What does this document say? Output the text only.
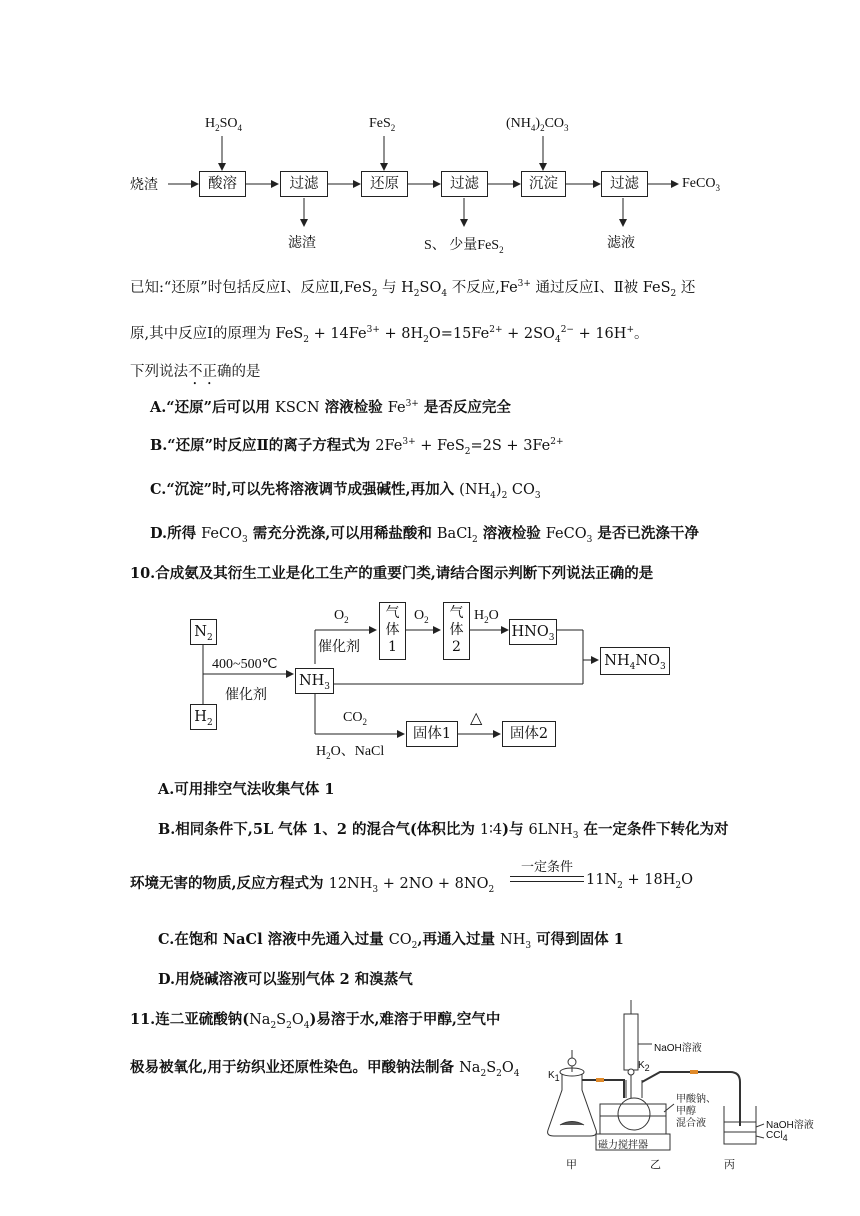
$H_2SO_4$	FeS$_2$	$(NH_4)_2CO_3$
烧渣	酸溶	过滤	还原	过滤	沉淀	过滤	FeCO$_3$
滤渣	S、 少量FeS$_2$	滤液
已知:“还原”时包括反应Ⅰ、反应Ⅱ,FeS$_2$ 与 $H_2SO_4$ 不反应$,Fe^{3+}$ 通过反应Ⅰ、Ⅱ被 FeS$_2$ 还
原,其中反应Ⅰ的原理为 $FeS_2 + 14Fe^{3+} + 8H_2O=15Fe^{2+} + 2SO_4^{2-} + 16H^+$。
下列说法不正确的是
A.“还原”后可以用 KSCN 溶液检验 $Fe^{3+}$ 是否反应完全
B.“还原”时反应Ⅱ的离子方程式为 $2Fe^{3+} + FeS_2=2S + 3Fe^{2+}$
C.“沉淀”时,可以先将溶液调节成强碱性,再加入 $(NH_4)_2$ $CO_3$
D.所得 FeCO$_3$ 需充分洗涤,可以用稀盐酸和 BaCl$_2$ 溶液检验 FeCO$_3$ 是否已洗涤干净
10.合成氨及其衍生工业是化工生产的重要门类,请结合图示判断下列说法正确的是
$N_2$
$H_2$
400~500℃
催化剂
$NH_3$
$O_2$
催化剂
气
体
1
$O_2$	气
体
2
$H_2O$
$HNO_3$
$NH_4NO_3$
$CO_2$
$H_2O$、NaCl
固体1
△
固体2
A.可用排空气法收集气体 1
B.相同条件下,5L 气体 1、2 的混合气(体积比为 1∶4)与 $6LNH_3$ 在一定条件下转化为对
环境无害的物质,反应方程式为 $12NH_3 + 2NO + 8NO_2$
一定条件
$11N_2 + 18H_2O$
C.在饱和 NaCl 溶液中先通入过量 $CO_2$,再通入过量 $NH_3$ 可得到固体 1
D.用烧碱溶液可以鉴别气体 2 和溴蒸气
11.连二亚硫酸钠$(Na_2S_2O_4)$易溶于水,难溶于甲醇,空气中
极易被氧化,用于纺织业还原性染色。甲酸钠法制备 $Na_2S_2O_4$
NaOH溶液
$K_1$
$K_2$
甲酸钠、
甲醇
混合液
磁力搅拌器
NaOH溶液
CCl$_4$
甲	乙	丙
